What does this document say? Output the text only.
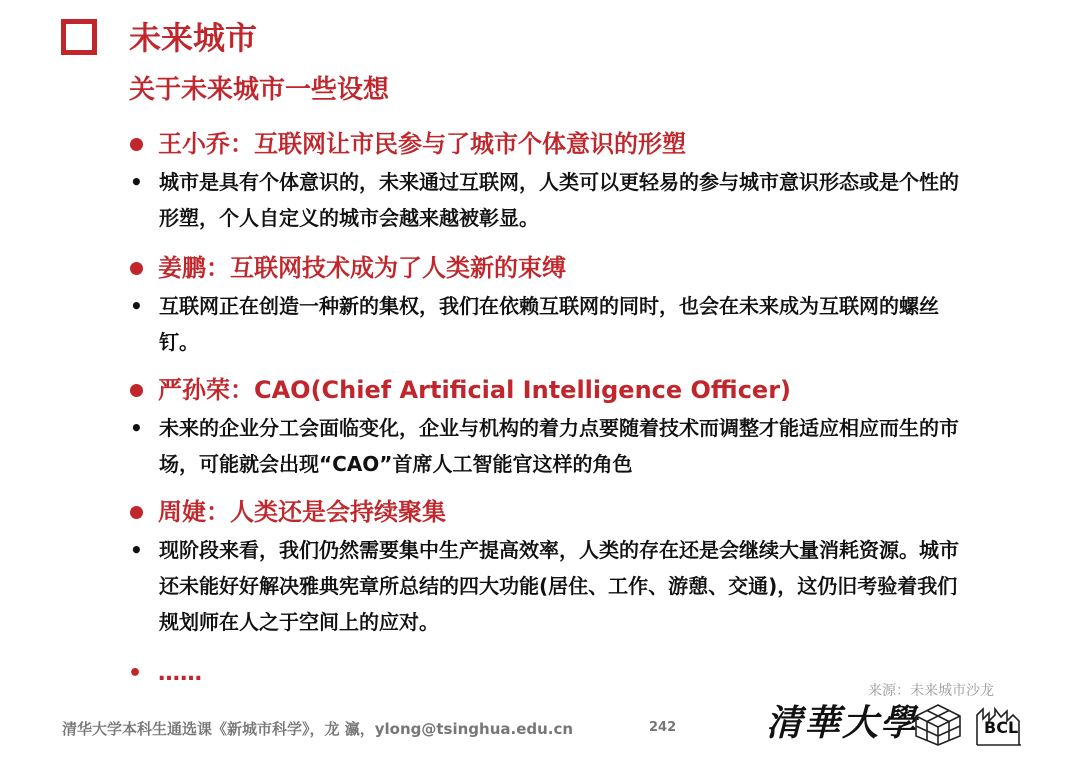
未来城市
关于未来城市一些设想
王小乔：互联网让市民参与了城市个体意识的形塑
• 城市是具有个体意识的，未来通过互联网，人类可以更轻易的参与城市意识形态或是个性的形塑，个人自定义的城市会越来越被彰显。
姜鹏：互联网技术成为了人类新的束缚
• 互联网正在创造一种新的集权，我们在依赖互联网的同时，也会在未来成为互联网的螺丝钉。
严孙荣：CAO(Chief Artificial Intelligence Officer)
• 未来的企业分工会面临变化，企业与机构的着力点要随着技术而调整才能适应相应而生的市场，可能就会出现“CAO”首席人工智能官这样的角色
周婕：人类还是会持续聚集
• 现阶段来看，我们仍然需要集中生产提高效率，人类的存在还是会继续大量消耗资源。城市还未能好好解决雅典宪章所总结的四大功能(居住、工作、游憩、交通)，这仍旧考验着我们规划师在人之于空间上的应对。
• ……
来源：未来城市沙龙
清华大学本科生通选课《新城市科学》，龙 瀛，ylong@tsinghua.edu.cn	242 清華大學	BCL
